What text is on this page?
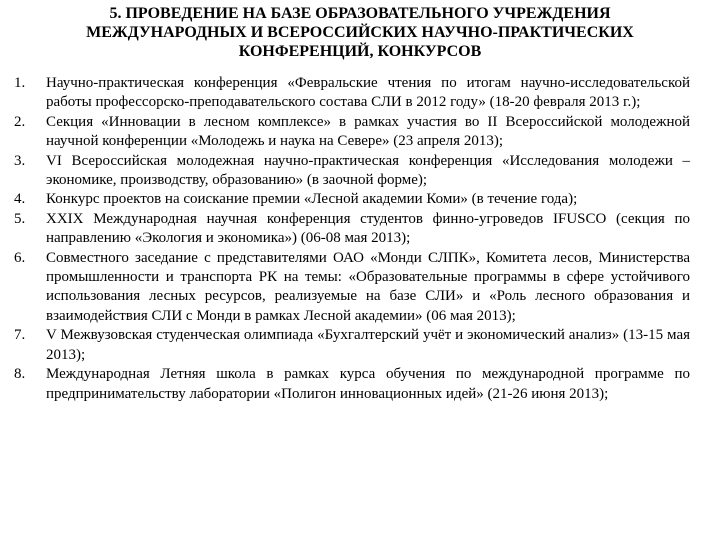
5. ПРОВЕДЕНИЕ НА БАЗЕ ОБРАЗОВАТЕЛЬНОГО УЧРЕЖДЕНИЯ
МЕЖДУНАРОДНЫХ И ВСЕРОССИЙСКИХ НАУЧНО-ПРАКТИЧЕСКИХ
КОНФЕРЕНЦИЙ, КОНКУРСОВ
1.	Научно-практическая конференция «Февральские чтения по итогам научно-исследовательской работы профессорско-преподавательского состава СЛИ в 2012 году» (18-20 февраля 2013 г.);
2.	Секция «Инновации в лесном комплексе» в рамках участия во II Всероссийской молодежной научной конференции «Молодежь и наука на Севере» (23 апреля 2013);
3.	VI Всероссийская молодежная научно-практическая конференция «Исследования молодежи – экономике, производству, образованию» (в заочной форме);
4.	Конкурс проектов на соискание премии «Лесной академии Коми» (в течение года);
5.	XXIX Международная научная конференция студентов финно-угроведов IFUSCO (секция по направлению «Экология и экономика») (06-08 мая 2013);
6.	Совместного заседание с представителями ОАО «Монди СЛПК», Комитета лесов, Министерства промышленности и транспорта РК на темы: «Образовательные программы в сфере устойчивого использования лесных ресурсов, реализуемые на базе СЛИ» и «Роль лесного образования и взаимодействия СЛИ с Монди в рамках Лесной академии» (06 мая 2013);
7.	V Межвузовская студенческая олимпиада «Бухгалтерский учёт и экономический анализ» (13-15 мая 2013);
8.	Международная Летняя школа в рамках курса обучения по международной программе по предпринимательству лаборатории «Полигон инновационных идей» (21-26 июня 2013);
